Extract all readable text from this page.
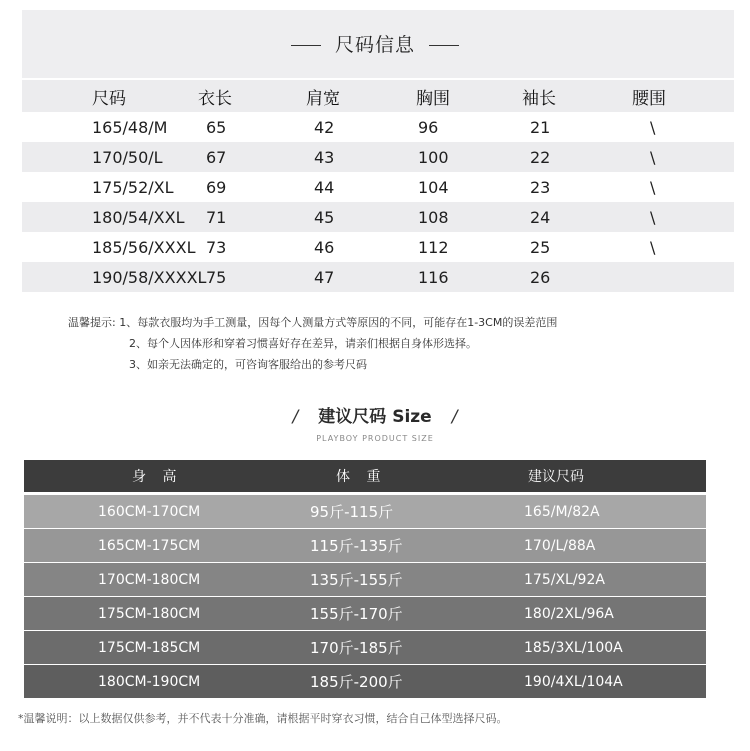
尺码信息
尺码	衣长	肩宽	胸围	袖长	腰围
165/48/M 65	42	96	21	\
170/50/L	67	43	100	22	\
175/52/XL 69	44	104	23	\
180/54/XXL 71	45	108	24	\
185/56/XXXL 73	46	112	25	\
190/58/XXXXL 75	47	116	26
温馨提示: 1、每款衣服均为手工测量，因每个人测量方式等原因的不同，可能存在1-3CM的误差范围
2、每个人因体形和穿着习惯喜好存在差异，请亲们根据自身体形选择。
3、如亲无法确定的，可咨询客服给出的参考尺码
/ 建议尺码 Size /
PLAYBOY PRODUCT SIZE
身 高	体 重	建议尺码
160CM-170CM	95斤-115斤	165/M/82A
165CM-175CM	115斤-135斤	170/L/88A
170CM-180CM	135斤-155斤	175/XL/92A
175CM-180CM	155斤-170斤	180/2XL/96A
175CM-185CM	170斤-185斤	185/3XL/100A
180CM-190CM	185斤-200斤	190/4XL/104A
*温馨说明：以上数据仅供参考，并不代表十分准确，请根据平时穿衣习惯，结合自己体型选择尺码。
